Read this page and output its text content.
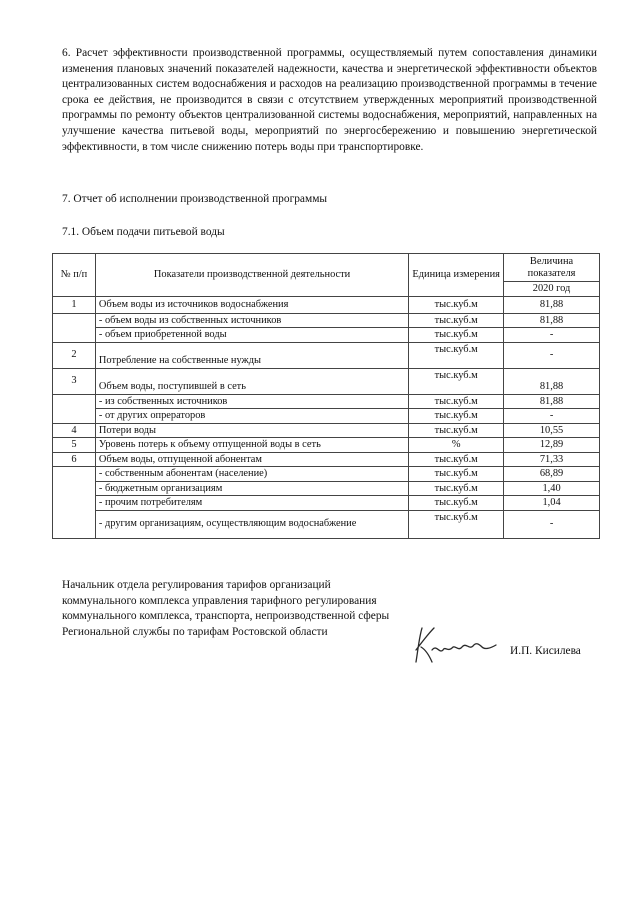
6. Расчет эффективности производственной программы, осуществляемый путем сопоставления динамики изменения плановых значений показателей надежности, качества и энергетической эффективности объектов централизованных систем водоснабжения и расходов на реализацию производственной программы в течение срока ее действия, не производится в связи с отсутствием утвержденных мероприятий производственной программы по ремонту объектов централизованной системы водоснабжения, мероприятий, направленных на улучшение качества питьевой воды, мероприятий по энергосбережению и повышению энергетической эффективности, в том числе снижению потерь воды при транспортировке.

7. Отчет об исполнении производственной программы

7.1. Объем подачи питьевой воды

№ п/п	Показатели производственной деятельности	Единица измерения	Величина показателя
			2020 год
1	Объем воды из источников водоснабжения	тыс.куб.м	81,88
	- объем воды из собственных источников	тыс.куб.м	81,88
	- объем приобретенной воды	тыс.куб.м	-
2	Потребление на собственные нужды	тыс.куб.м	-
3	Объем воды, поступившей в сеть	тыс.куб.м	81,88
	- из собственных источников	тыс.куб.м	81,88
	- от других опрераторов	тыс.куб.м	-
4	Потери воды	тыс.куб.м	10,55
5	Уровень потерь к объему отпущенной воды в сеть	%	12,89
6	Объем воды, отпущенной абонентам	тыс.куб.м	71,33
	- собственным абонентам (население)	тыс.куб.м	68,89
	- бюджетным организациям	тыс.куб.м	1,40
	- прочим потребителям	тыс.куб.м	1,04
	- другим организациям, осуществляющим водоснабжение	тыс.куб.м	-

Начальник отдела регулирования тарифов организаций коммунального комплекса управления тарифного регулирования коммунального комплекса, транспорта, непроизводственной сферы Региональной службы по тарифам Ростовской области

И.П. Кисилева
